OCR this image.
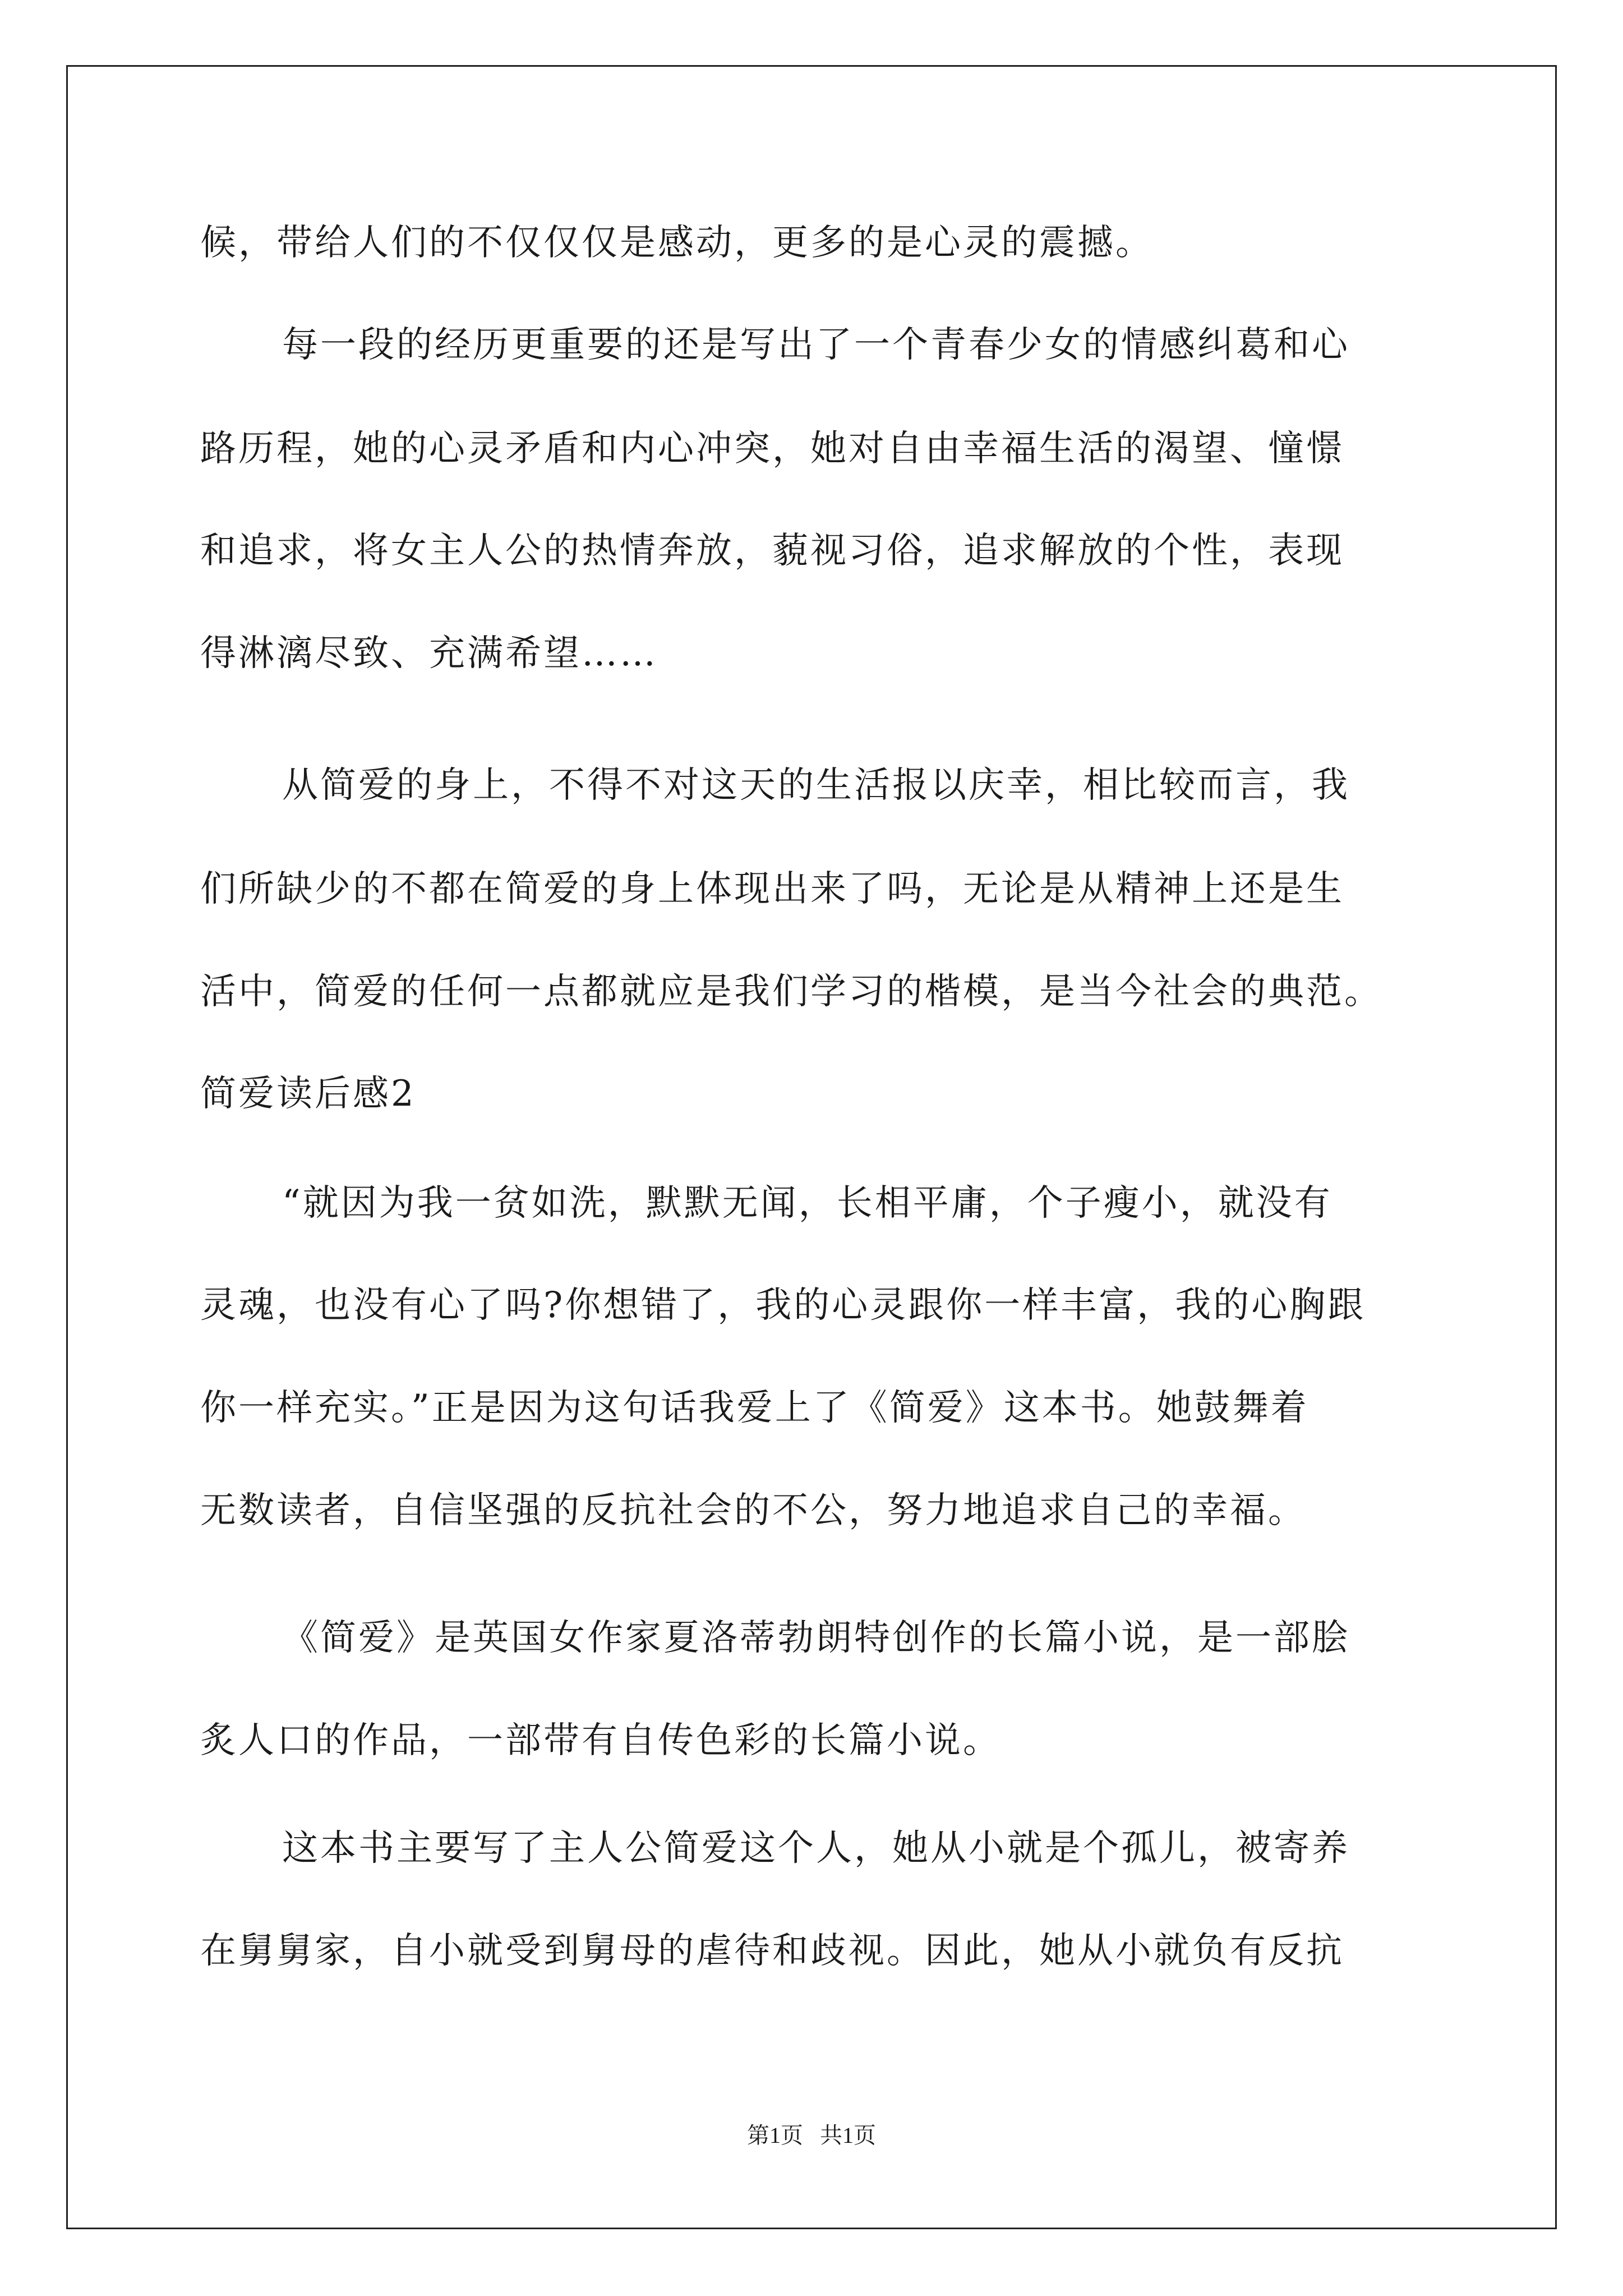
候，带给人们的不仅仅仅是感动，更多的是心灵的震撼。
每一段的经历更重要的还是写出了一个青春少女的情感纠葛和心
路历程，她的心灵矛盾和内心冲突，她对自由幸福生活的渴望、憧憬
和追求，将女主人公的热情奔放，藐视习俗，追求解放的个性，表现
得淋漓尽致、充满希望……
从简爱的身上，不得不对这天的生活报以庆幸，相比较而言，我
们所缺少的不都在简爱的身上体现出来了吗，无论是从精神上还是生
活中，简爱的任何一点都就应是我们学习的楷模，是当今社会的典范。
简爱读后感2
“就因为我一贫如洗，默默无闻，长相平庸，个子瘦小，就没有
灵魂，也没有心了吗?你想错了，我的心灵跟你一样丰富，我的心胸跟
你一样充实。”正是因为这句话我爱上了《简爱》这本书。她鼓舞着
无数读者，自信坚强的反抗社会的不公，努力地追求自己的幸福。
《简爱》是英国女作家夏洛蒂勃朗特创作的长篇小说，是一部脍
炙人口的作品，一部带有自传色彩的长篇小说。
这本书主要写了主人公简爱这个人，她从小就是个孤儿，被寄养
在舅舅家，自小就受到舅母的虐待和歧视。因此，她从小就负有反抗
第1页   共1页
